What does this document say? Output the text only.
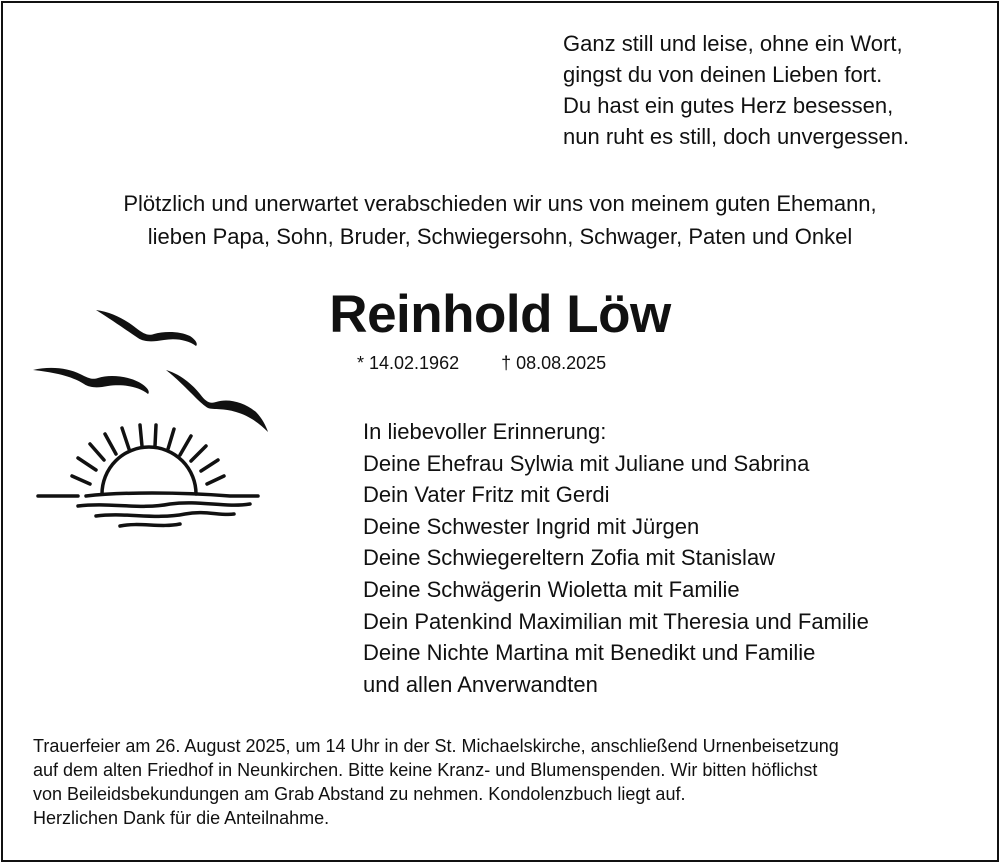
Ganz still und leise, ohne ein Wort,
gingst du von deinen Lieben fort.
Du hast ein gutes Herz besessen,
nun ruht es still, doch unvergessen.
Plötzlich und unerwartet verabschieden wir uns von meinem guten Ehemann,
lieben Papa, Sohn, Bruder, Schwiegersohn, Schwager, Paten und Onkel
Reinhold Löw
* 14.02.1962 † 08.08.2025
In liebevoller Erinnerung:
Deine Ehefrau Sylwia mit Juliane und Sabrina
Dein Vater Fritz mit Gerdi
Deine Schwester Ingrid mit Jürgen
Deine Schwiegereltern Zofia mit Stanislaw
Deine Schwägerin Wioletta mit Familie
Dein Patenkind Maximilian mit Theresia und Familie
Deine Nichte Martina mit Benedikt und Familie
und allen Anverwandten
Trauerfeier am 26. August 2025, um 14 Uhr in der St. Michaelskirche, anschließend Urnenbeisetzung
auf dem alten Friedhof in Neunkirchen. Bitte keine Kranz- und Blumenspenden. Wir bitten höflichst
von Beileidsbekundungen am Grab Abstand zu nehmen. Kondolenzbuch liegt auf.
Herzlichen Dank für die Anteilnahme.
